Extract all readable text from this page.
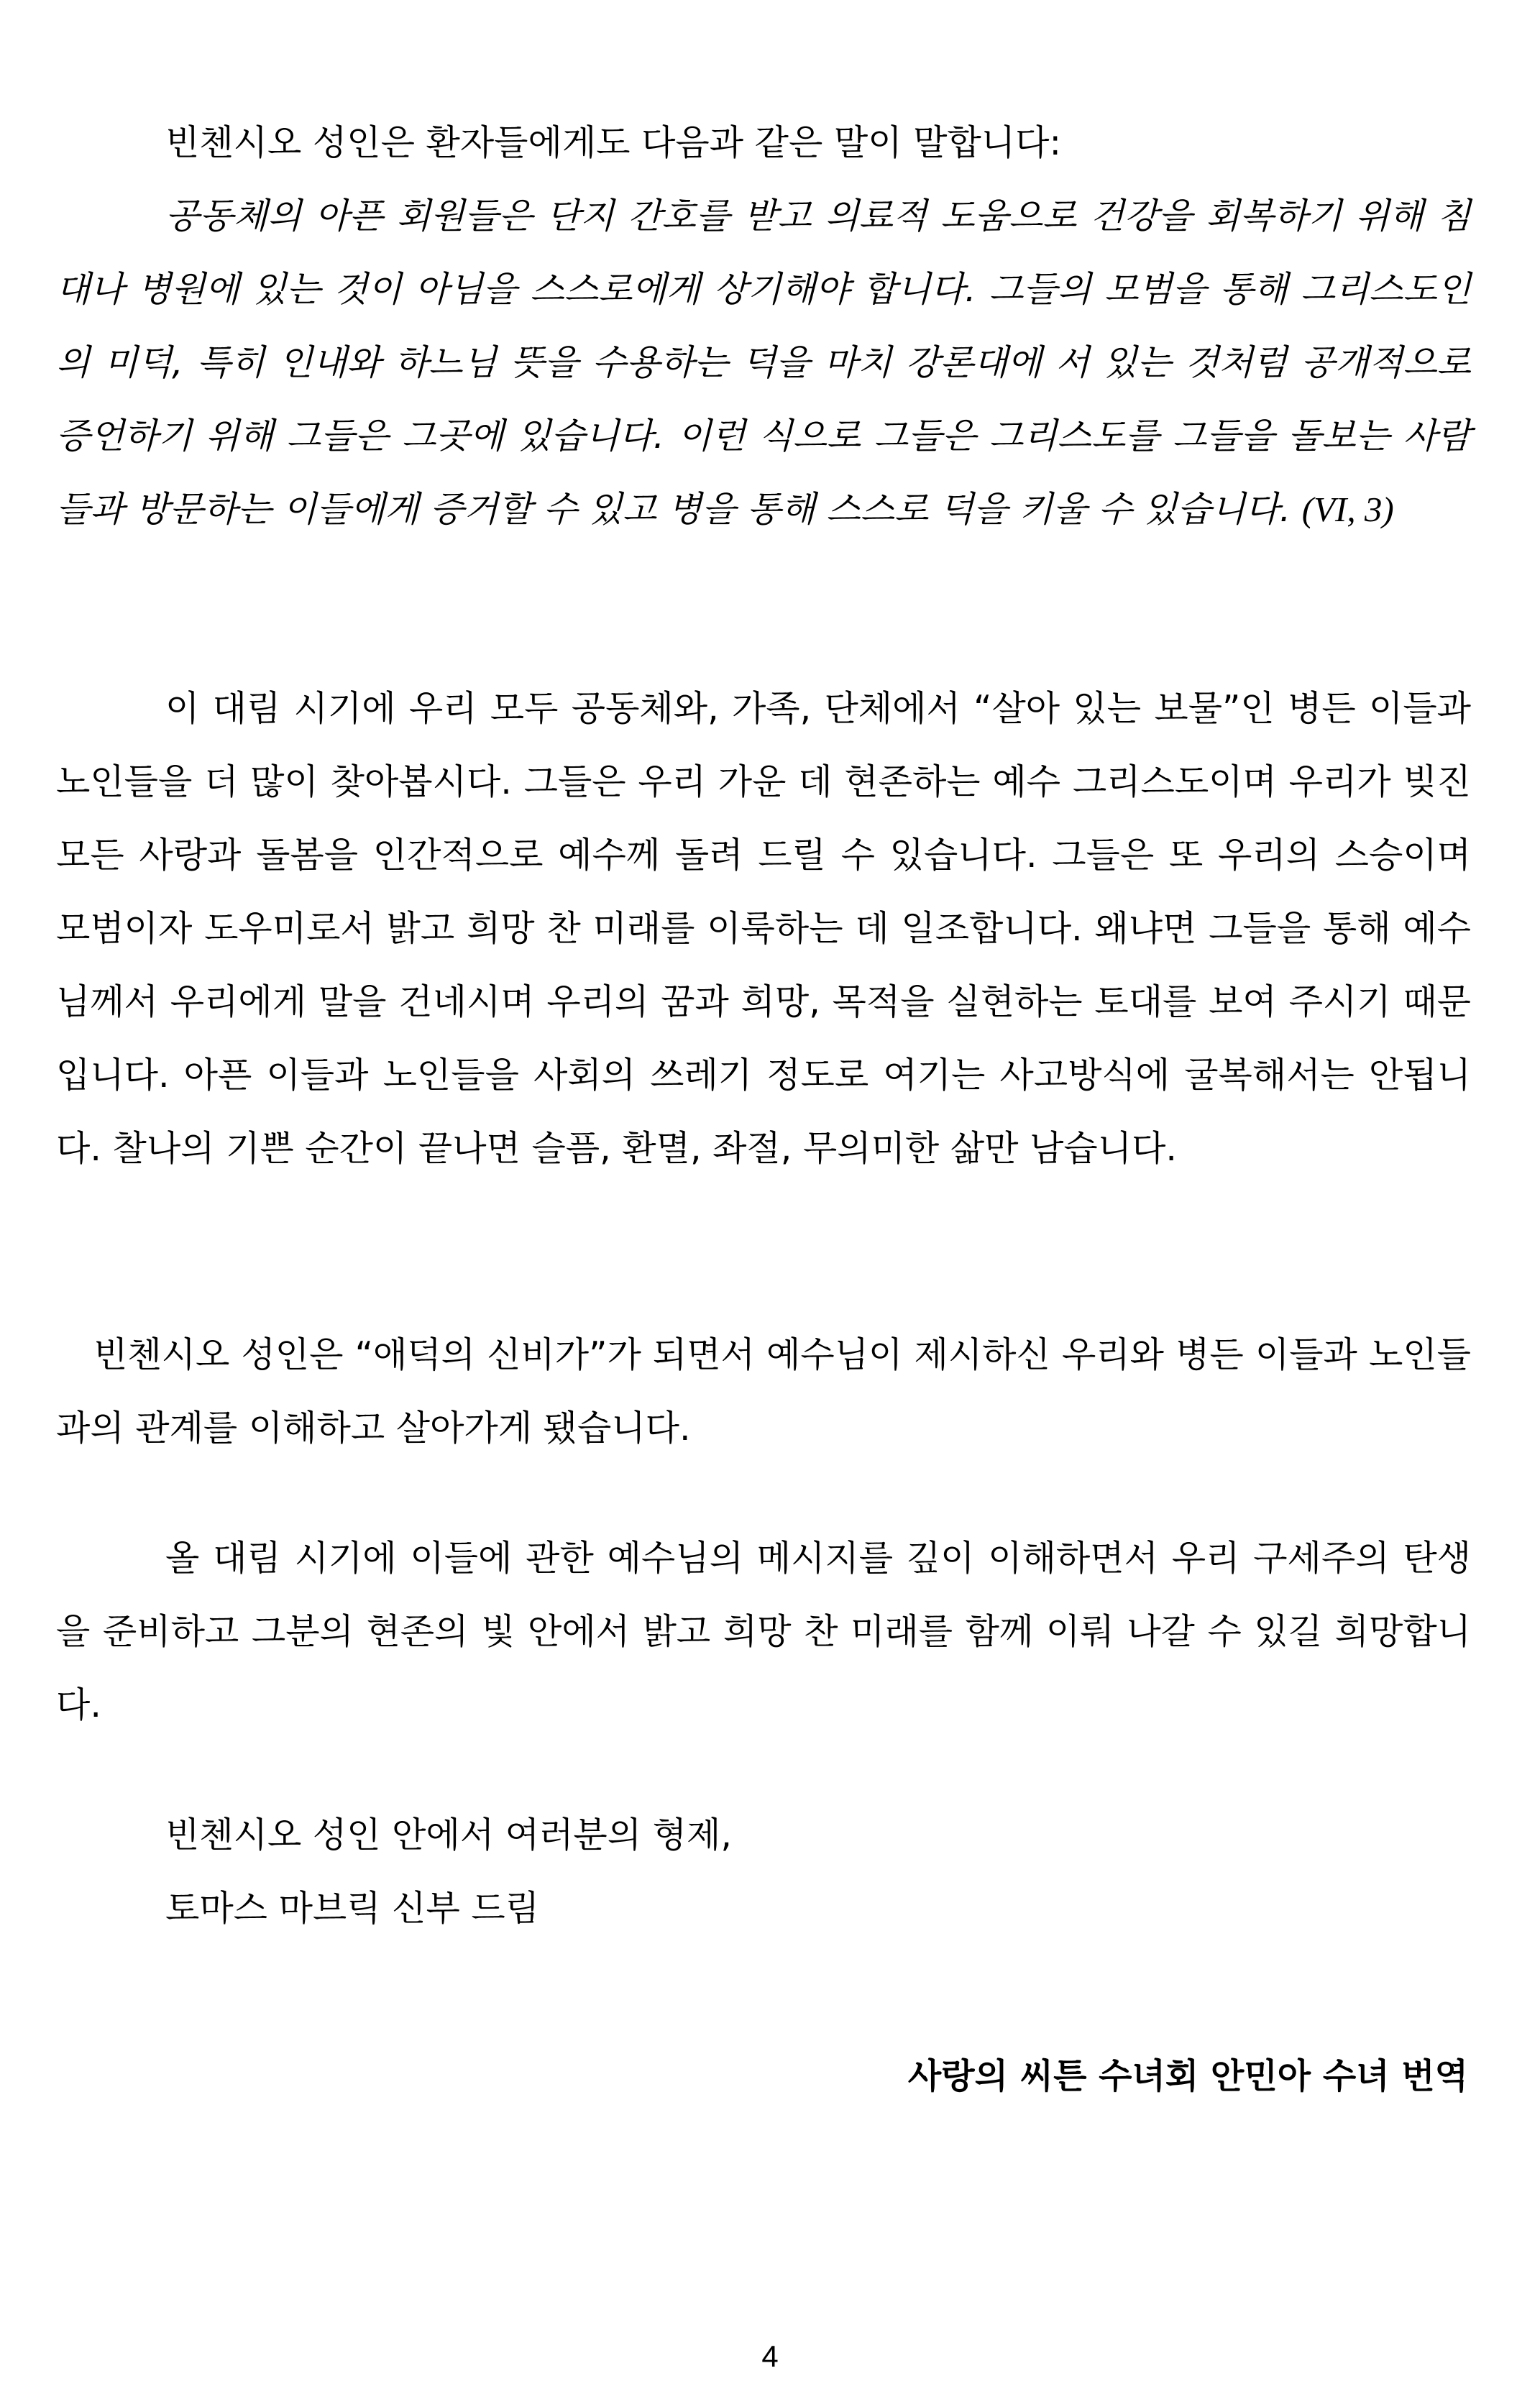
빈첸시오 성인은 환자들에게도 다음과 같은 말이 말합니다:

공동체의 아픈 회원들은 단지 간호를 받고 의료적 도움으로 건강을 회복하기 위해 침대나 병원에 있는 것이 아님을 스스로에게 상기해야 합니다. 그들의 모범을 통해 그리스도인의 미덕, 특히 인내와 하느님 뜻을 수용하는 덕을 마치 강론대에 서 있는 것처럼 공개적으로 증언하기 위해 그들은 그곳에 있습니다. 이런 식으로 그들은 그리스도를 그들을 돌보는 사람들과 방문하는 이들에게 증거할 수 있고 병을 통해 스스로 덕을 키울 수 있습니다. (VI, 3)

이 대림 시기에 우리 모두 공동체와, 가족, 단체에서 “살아 있는 보물”인 병든 이들과 노인들을 더 많이 찾아봅시다. 그들은 우리 가운 데 현존하는 예수 그리스도이며 우리가 빚진 모든 사랑과 돌봄을 인간적으로 예수께 돌려 드릴 수 있습니다. 그들은 또 우리의 스승이며 모범이자 도우미로서 밝고 희망 찬 미래를 이룩하는 데 일조합니다. 왜냐면 그들을 통해 예수님께서 우리에게 말을 건네시며 우리의 꿈과 희망, 목적을 실현하는 토대를 보여 주시기 때문입니다. 아픈 이들과 노인들을 사회의 쓰레기 정도로 여기는 사고방식에 굴복해서는 안됩니다. 찰나의 기쁜 순간이 끝나면 슬픔, 환멸, 좌절, 무의미한 삶만 남습니다.

빈첸시오 성인은 “애덕의 신비가”가 되면서 예수님이 제시하신 우리와 병든 이들과 노인들과의 관계를 이해하고 살아가게 됐습니다.

올 대림 시기에 이들에 관한 예수님의 메시지를 깊이 이해하면서 우리 구세주의 탄생을 준비하고 그분의 현존의 빛 안에서 밝고 희망 찬 미래를 함께 이뤄 나갈 수 있길 희망합니다.

빈첸시오 성인 안에서 여러분의 형제,
토마스 마브릭 신부 드림
사랑의 씨튼 수녀회 안민아 수녀 번역
4
